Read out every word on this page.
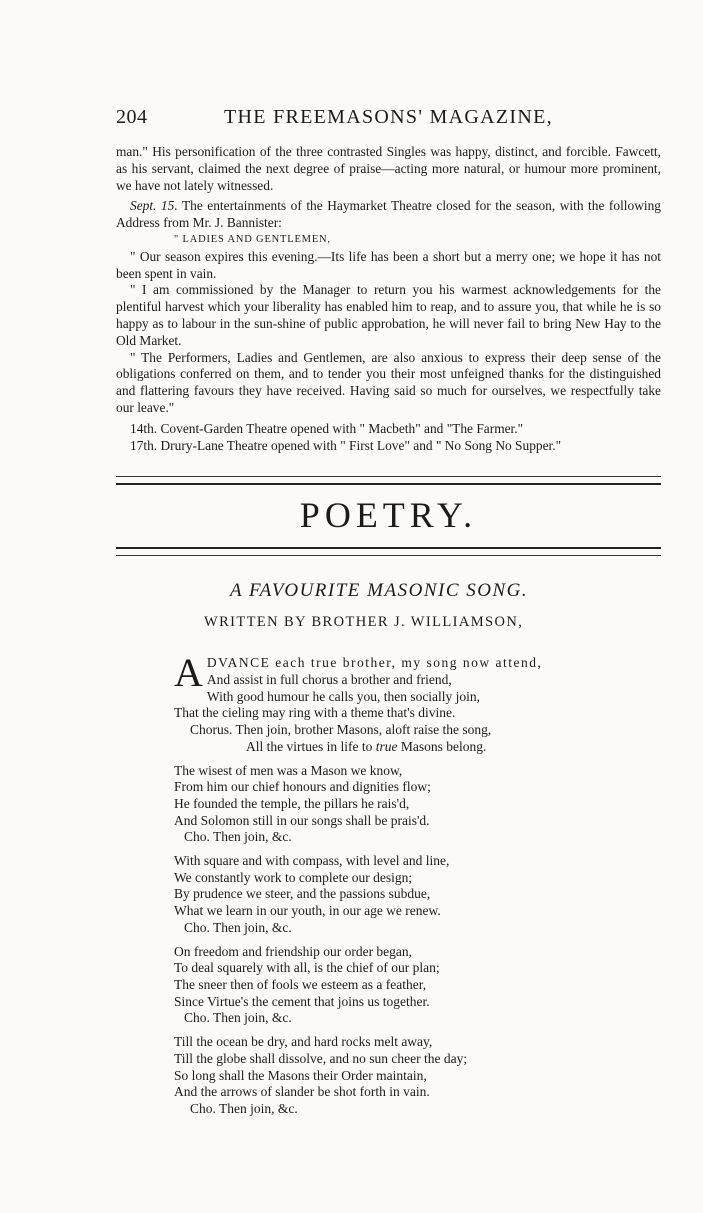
204	THE FREEMASONS' MAGAZINE,

man." His personification of the three contrasted Singles was happy, distinct, and forcible. Fawcett, as his servant, claimed the next degree of praise—acting more natural, or humour more prominent, we have not lately witnessed.

Sept. 15. The entertainments of the Haymarket Theatre closed for the season, with the following Address from Mr. J. Bannister:

" LADIES AND GENTLEMEN,

" Our season expires this evening.—Its life has been a short but a merry one; we hope it has not been spent in vain.

" I am commissioned by the Manager to return you his warmest acknowledgements for the plentiful harvest which your liberality has enabled him to reap, and to assure you, that while he is so happy as to labour in the sun-shine of public approbation, he will never fail to bring New Hay to the Old Market.

" The Performers, Ladies and Gentlemen, are also anxious to express their deep sense of the obligations conferred on them, and to tender you their most unfeigned thanks for the distinguished and flattering favours they have received. Having said so much for ourselves, we respectfully take our leave."

14th. Covent-Garden Theatre opened with " Macbeth" and "The Farmer."

17th. Drury-Lane Theatre opened with " First Love" and " No Song No Supper."

POETRY.
A FAVOURITE MASONIC SONG.
WRITTEN BY BROTHER J. WILLIAMSON,
A DVANCE each true brother, my song now attend,
And assist in full chorus a brother and friend,
With good humour he calls you, then socially join,
That the cieling may ring with a theme that's divine.
Chorus. Then join, brother Masons, aloft raise the song,
All the virtues in life to true Masons belong.
The wisest of men was a Mason we know,
From him our chief honours and dignities flow;
He founded the temple, the pillars he rais'd,
And Solomon still in our songs shall be prais'd.
Cho. Then join, &c.
With square and with compass, with level and line,
We constantly work to complete our design;
By prudence we steer, and the passions subdue,
What we learn in our youth, in our age we renew.
Cho. Then join, &c.
On freedom and friendship our order began,
To deal squarely with all, is the chief of our plan;
The sneer then of fools we esteem as a feather,
Since Virtue's the cement that joins us together.
Cho. Then join, &c.
Till the ocean be dry, and hard rocks melt away,
Till the globe shall dissolve, and no sun cheer the day;
So long shall the Masons their Order maintain,
And the arrows of slander be shot forth in vain.
Cho. Then join, &c.
